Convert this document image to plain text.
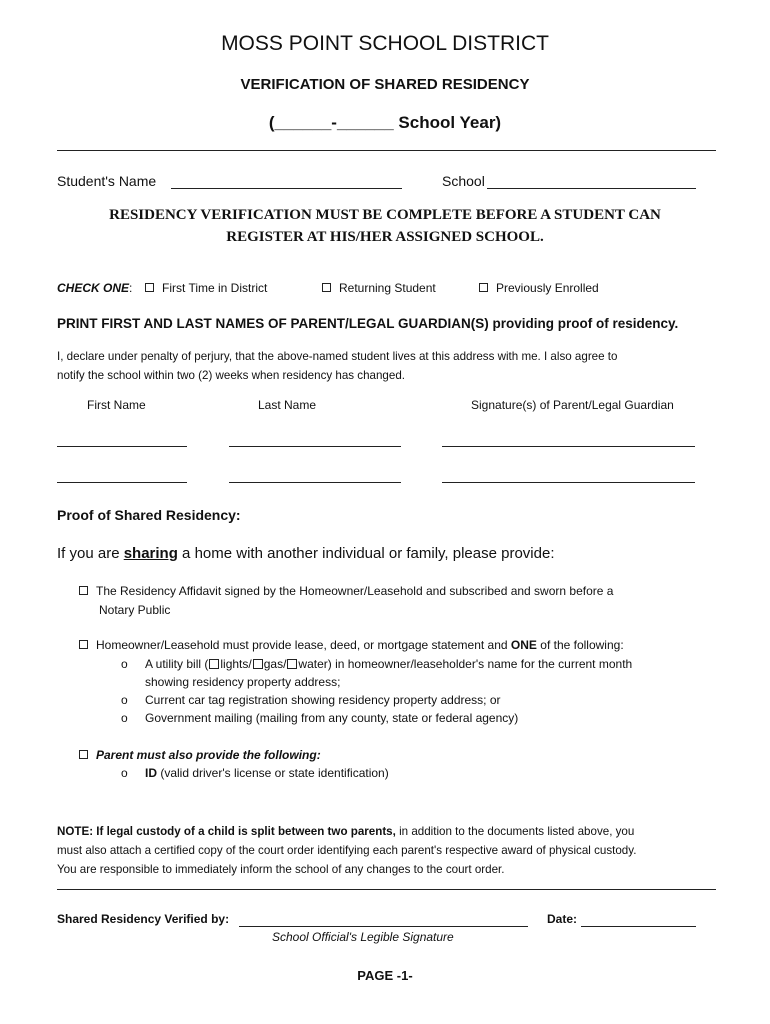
MOSS POINT SCHOOL DISTRICT
VERIFICATION OF SHARED RESIDENCY
(______-______ School Year)
Student's Name	School
RESIDENCY VERIFICATION MUST BE COMPLETE BEFORE A STUDENT CAN
REGISTER AT HIS/HER ASSIGNED SCHOOL.
CHECK ONE:	First Time in District	Returning Student	Previously Enrolled
PRINT FIRST AND LAST NAMES OF PARENT/LEGAL GUARDIAN(S) providing proof of residency.
I, declare under penalty of perjury, that the above-named student lives at this address with me. I also agree to
notify the school within two (2) weeks when residency has changed.
First Name	Last Name	Signature(s) of Parent/Legal Guardian
Proof of Shared Residency:
If you are sharing a home with another individual or family, please provide:
The Residency Affidavit signed by the Homeowner/Leasehold and subscribed and sworn before a
Notary Public
Homeowner/Leasehold must provide lease, deed, or mortgage statement and ONE of the following:
o A utility bill ( lights/ gas/ water) in homeowner/leaseholder's name for the current month
showing residency property address;
o Current car tag registration showing residency property address; or
o Government mailing (mailing from any county, state or federal agency)
Parent must also provide the following:
o ID (valid driver's license or state identification)
NOTE: If legal custody of a child is split between two parents, in addition to the documents listed above, you
must also attach a certified copy of the court order identifying each parent's respective award of physical custody.
You are responsible to immediately inform the school of any changes to the court order.
Shared Residency Verified by:
School Official's Legible Signature
Date:
PAGE -1-
